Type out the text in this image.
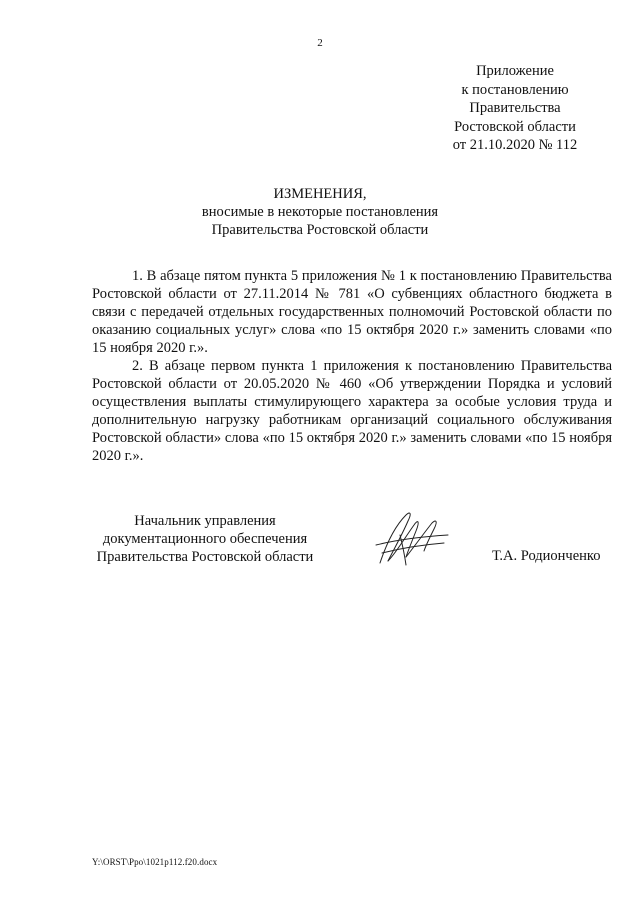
2
Приложение
к постановлению
Правительства
Ростовской области
от 21.10.2020 № 112
ИЗМЕНЕНИЯ,
вносимые в некоторые постановления
Правительства Ростовской области

1. В абзаце пятом пункта 5 приложения № 1 к постановлению Правительства Ростовской области от 27.11.2014 № 781 «О субвенциях областного бюджета в связи с передачей отдельных государственных полномочий Ростовской области по оказанию социальных услуг» слова «по 15 октября 2020 г.» заменить словами «по 15 ноября 2020 г.».

2. В абзаце первом пункта 1 приложения к постановлению Правительства Ростовской области от 20.05.2020 № 460 «Об утверждении Порядка и условий осуществления выплаты стимулирующего характера за особые условия труда и дополнительную нагрузку работникам организаций социального обслуживания Ростовской области» слова «по 15 октября 2020 г.» заменить словами «по 15 ноября 2020 г.».

Начальник управления
документационного обеспечения
Правительства Ростовской области	Т.А. Родионченко
Y:\ORST\Ppo\1021p112.f20.docx
